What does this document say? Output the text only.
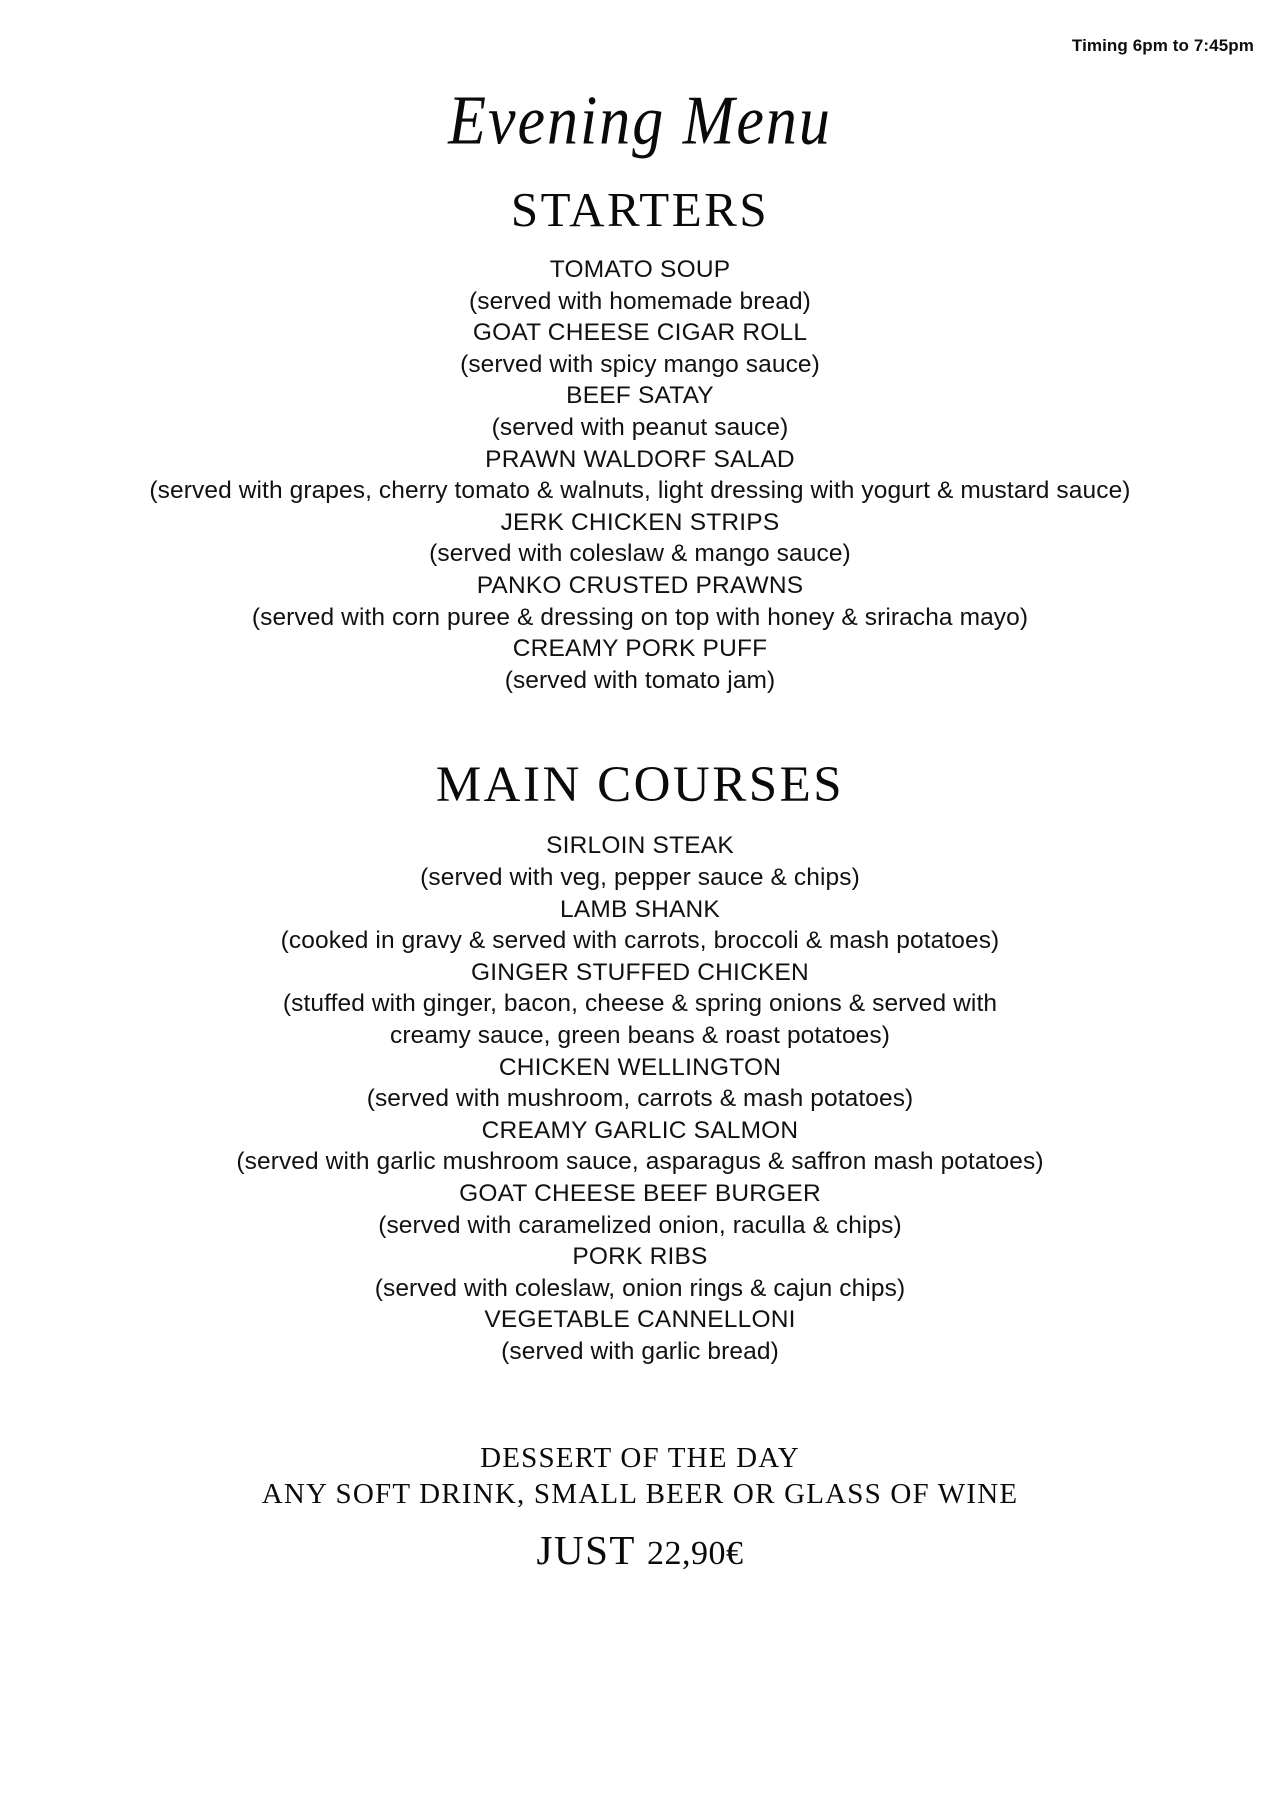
Timing 6pm to 7:45pm
Evening Menu
STARTERS
TOMATO SOUP
(served with homemade bread)
GOAT CHEESE CIGAR ROLL
(served with spicy mango sauce)
BEEF SATAY
(served with peanut sauce)
PRAWN WALDORF SALAD
(served with grapes, cherry tomato & walnuts, light dressing with yogurt & mustard sauce)
JERK CHICKEN STRIPS
(served with coleslaw & mango sauce)
PANKO CRUSTED PRAWNS
(served with corn puree & dressing on top with honey & sriracha mayo)
CREAMY PORK PUFF
(served with tomato jam)
MAIN COURSES
SIRLOIN STEAK
(served with veg, pepper sauce & chips)
LAMB SHANK
(cooked in gravy & served with carrots, broccoli & mash potatoes)
GINGER STUFFED CHICKEN
(stuffed with ginger, bacon, cheese & spring onions & served with creamy sauce, green beans & roast potatoes)
CHICKEN WELLINGTON
(served with mushroom, carrots & mash potatoes)
CREAMY GARLIC SALMON
(served with garlic mushroom sauce, asparagus & saffron mash potatoes)
GOAT CHEESE BEEF BURGER
(served with caramelized onion, raculla & chips)
PORK RIBS
(served with coleslaw, onion rings & cajun chips)
VEGETABLE CANNELLONI
(served with garlic bread)
DESSERT OF THE DAY
ANY SOFT DRINK, SMALL BEER OR GLASS OF WINE
JUST 22,90€
